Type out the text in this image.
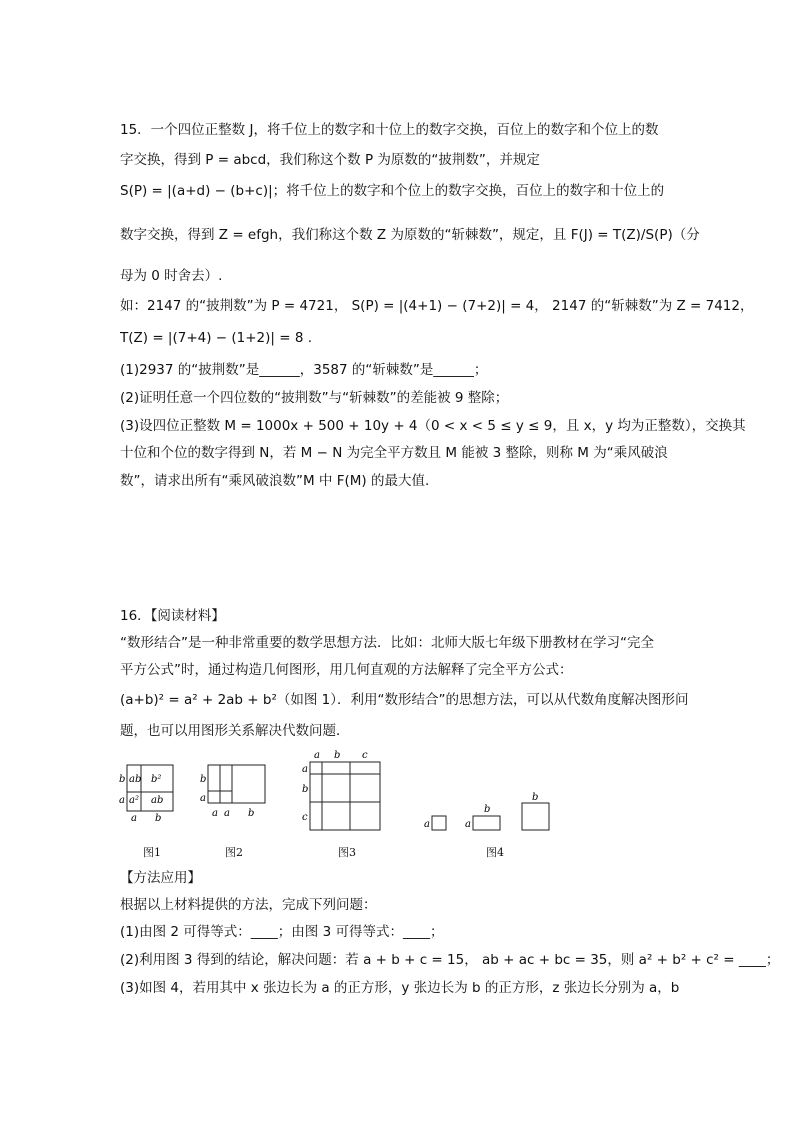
15．一个四位正整数 J，将千位上的数字和十位上的数字交换，百位上的数字和个位上的数
字交换，得到 P = abcd，我们称这个数 P 为原数的“披荆数”，并规定
S(P) = |(a+d) − (b+c)|；将千位上的数字和个位上的数字交换，百位上的数字和十位上的
数字交换，得到 Z = efgh，我们称这个数 Z 为原数的“斩棘数”，规定，且 F(J) = T(Z)/S(P)（分
母为 0 时舍去）.
如：2147 的“披荆数”为 P = 4721， S(P) = |(4+1) − (7+2)| = 4， 2147 的“斩棘数”为 Z = 7412，
T(Z) = |(7+4) − (1+2)| = 8 .
(1)2937 的“披荆数”是______，3587 的“斩棘数”是______；
(2)证明任意一个四位数的“披荆数”与“斩棘数”的差能被 9 整除；
(3)设四位正整数 M = 1000x + 500 + 10y + 4（0 < x < 5 ≤ y ≤ 9，且 x，y 均为正整数），交换其
十位和个位的数字得到 N，若 M − N 为完全平方数且 M 能被 3 整除，则称 M 为“乘风破浪
数”，请求出所有“乘风破浪数”M 中 F(M) 的最大值.
16．【阅读材料】
“数形结合”是一种非常重要的数学思想方法．比如：北师大版七年级下册教材在学习“完全
平方公式”时，通过构造几何图形，用几何直观的方法解释了完全平方公式：
(a+b)² = a² + 2ab + b²（如图 1）．利用“数形结合”的思想方法，可以从代数角度解决图形问
题，也可以用图形关系解决代数问题．
b
a
ab b²
a² ab
a b
图1
b
a
a a b
图2
a b c
a
b
c
图3
a	a
b
b
图4
【方法应用】
根据以上材料提供的方法，完成下列问题：
(1)由图 2 可得等式：____；由图 3 可得等式：____；
(2)利用图 3 得到的结论，解决问题：若 a + b + c = 15， ab + ac + bc = 35，则 a² + b² + c² = ____；
(3)如图 4，若用其中 x 张边长为 a 的正方形，y 张边长为 b 的正方形，z 张边长分别为 a，b
